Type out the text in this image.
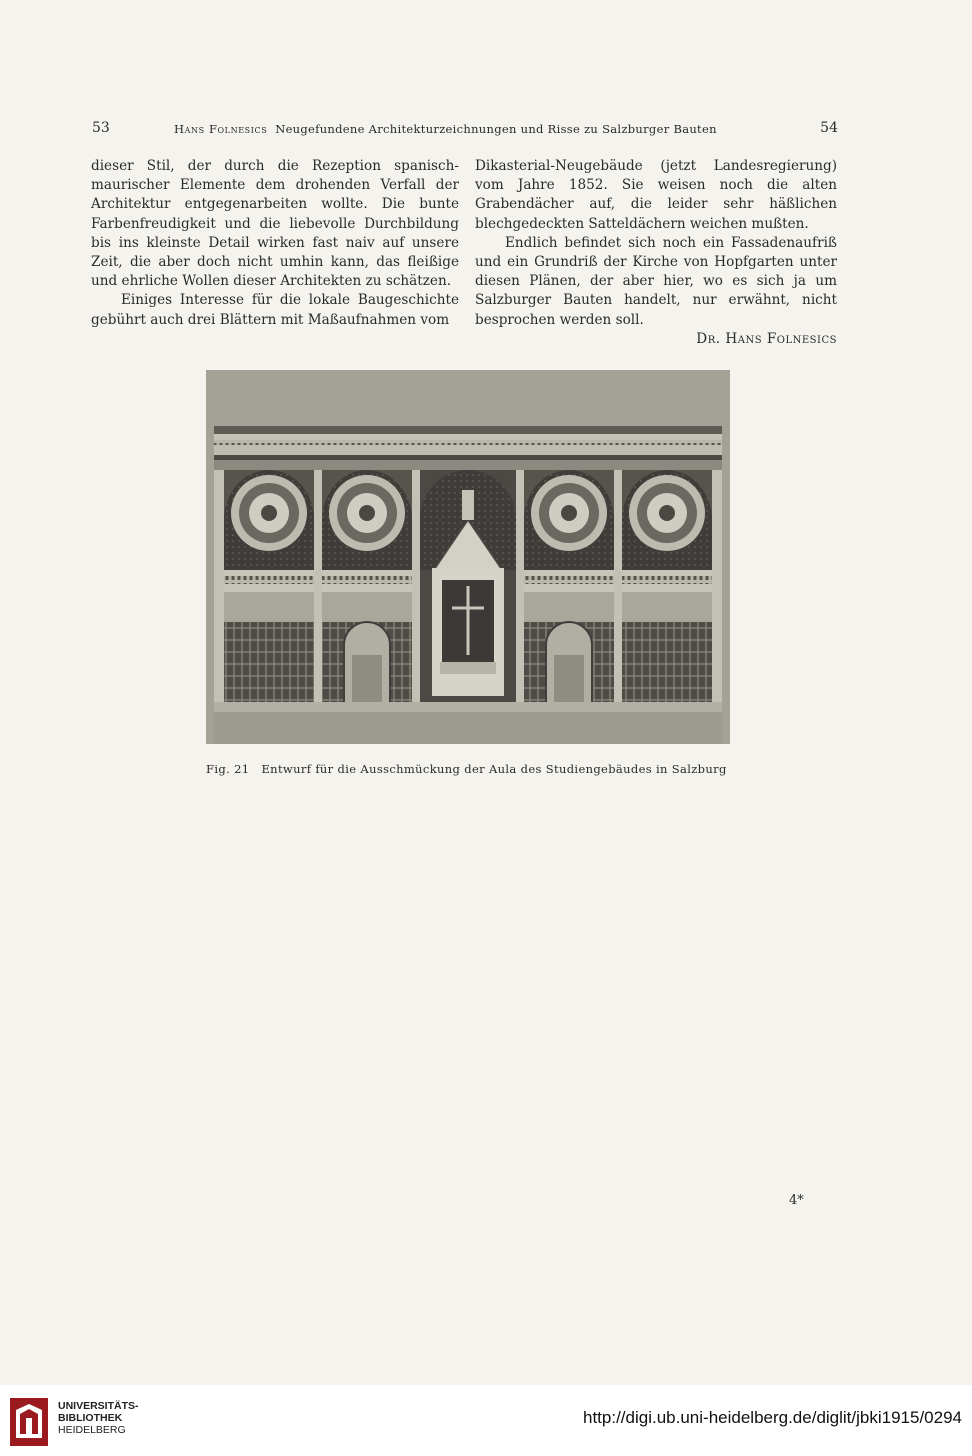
53	Hans Folnesics Neugefundene Architekturzeichnungen und Risse zu Salzburger Bauten	54

dieser Stil, der durch die Rezeption spanisch-maurischer Elemente dem drohenden Verfall der Architektur entgegenarbeiten wollte. Die bunte Farbenfreudigkeit und die liebevolle Durchbildung bis ins kleinste Detail wirken fast naiv auf unsere Zeit, die aber doch nicht umhin kann, das fleißige und ehrliche Wollen dieser Architekten zu schätzen.

Einiges Interesse für die lokale Baugeschichte gebührt auch drei Blättern mit Maßaufnahmen vom

Dikasterial-Neugebäude (jetzt Landesregierung) vom Jahre 1852. Sie weisen noch die alten Grabendächer auf, die leider sehr häßlichen blechgedeckten Satteldächern weichen mußten.

Endlich befindet sich noch ein Fassadenaufriß und ein Grundriß der Kirche von Hopfgarten unter diesen Plänen, der aber hier, wo es sich ja um Salzburger Bauten handelt, nur erwähnt, nicht besprochen werden soll.

Dr. Hans Folnesics
Fig. 21 Entwurf für die Ausschmückung der Aula des Studiengebäudes in Salzburg
4*
UNIVERSITÄTS-
BIBLIOTHEK
HEIDELBERG
http://digi.ub.uni-heidelberg.de/diglit/jbki1915/0294
